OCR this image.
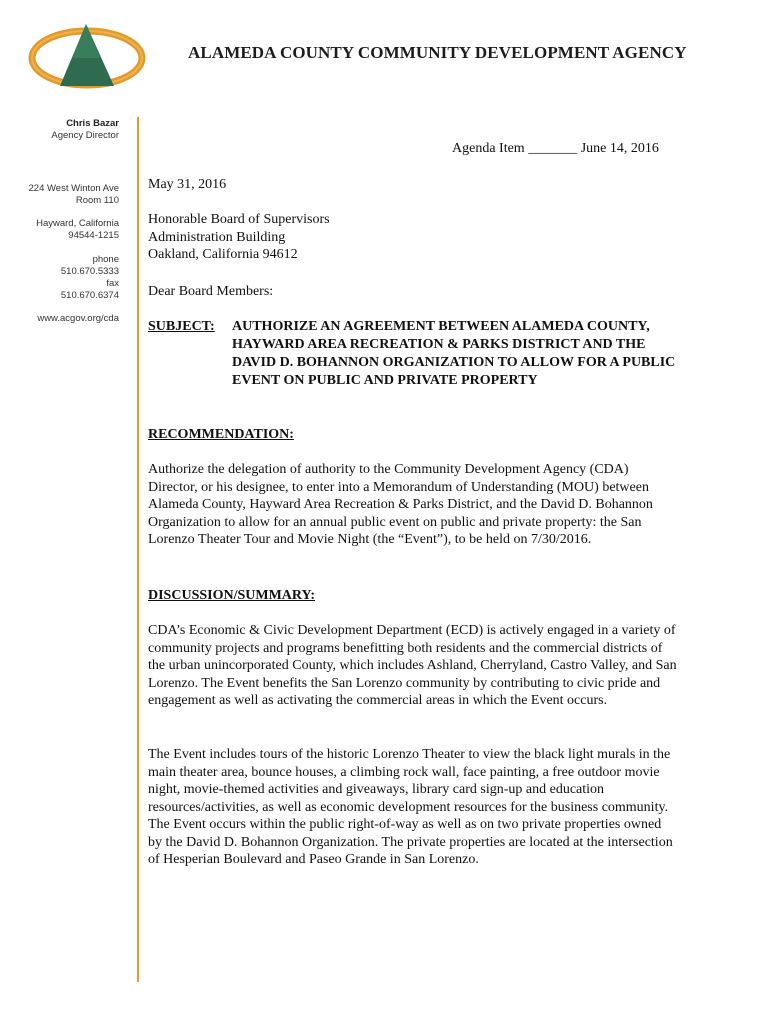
ALAMEDA COUNTY COMMUNITY DEVELOPMENT AGENCY
Chris Bazar
Agency Director
224 West Winton Ave
Room 110
Hayward, California
94544-1215
phone
510.670.5333
fax
510.670.6374
www.acgov.org/cda
Agenda Item _______ June 14, 2016
May 31, 2016
Honorable Board of Supervisors
Administration Building
Oakland, California 94612
Dear Board Members:
SUBJECT: AUTHORIZE AN AGREEMENT BETWEEN ALAMEDA COUNTY, HAYWARD AREA RECREATION & PARKS DISTRICT AND THE DAVID D. BOHANNON ORGANIZATION TO ALLOW FOR A PUBLIC EVENT ON PUBLIC AND PRIVATE PROPERTY
RECOMMENDATION:
Authorize the delegation of authority to the Community Development Agency (CDA) Director, or his designee, to enter into a Memorandum of Understanding (MOU) between Alameda County, Hayward Area Recreation & Parks District, and the David D. Bohannon Organization to allow for an annual public event on public and private property: the San Lorenzo Theater Tour and Movie Night (the “Event”), to be held on 7/30/2016.
DISCUSSION/SUMMARY:
CDA’s Economic & Civic Development Department (ECD) is actively engaged in a variety of community projects and programs benefitting both residents and the commercial districts of the urban unincorporated County, which includes Ashland, Cherryland, Castro Valley, and San Lorenzo. The Event benefits the San Lorenzo community by contributing to civic pride and engagement as well as activating the commercial areas in which the Event occurs.
The Event includes tours of the historic Lorenzo Theater to view the black light murals in the main theater area, bounce houses, a climbing rock wall, face painting, a free outdoor movie night, movie-themed activities and giveaways, library card sign-up and education resources/activities, as well as economic development resources for the business community. The Event occurs within the public right-of-way as well as on two private properties owned by the David D. Bohannon Organization. The private properties are located at the intersection of Hesperian Boulevard and Paseo Grande in San Lorenzo.
